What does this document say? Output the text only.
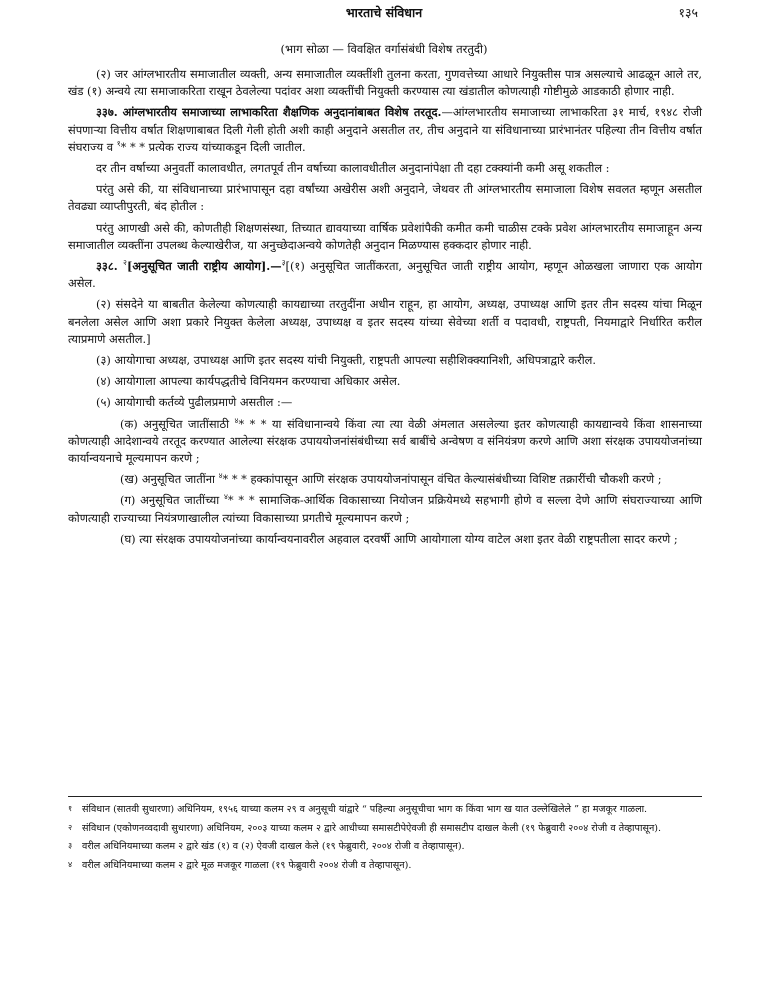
भारताचे संविधान	१३५
(भाग सोळा — विवक्षित वर्गासंबंधी विशेष तरतुदी)

(२) जर आंग्लभारतीय समाजातील व्यक्ती, अन्य समाजातील व्यक्तींशी तुलना करता, गुणवत्तेच्या आधारे नियुक्तीस पात्र असल्याचे आढळून आले तर, खंड (१) अन्वये त्या समाजाकरिता राखून ठेवलेल्या पदांवर अशा व्यक्तींची नियुक्ती करण्यास त्या खंडातील कोणत्याही गोष्टीमुळे आडकाठी होणार नाही.

३३७. आंग्लभारतीय समाजाच्या लाभाकरिता शैक्षणिक अनुदानांबाबत विशेष तरतूद.—आंग्लभारतीय समाजाच्या लाभाकरिता ३१ मार्च, १९४८ रोजी संपणाऱ्या वित्तीय वर्षात शिक्षणाबाबत दिली गेली होती अशी काही अनुदाने असतील तर, तीच अनुदाने या संविधानाच्या प्रारंभानंतर पहिल्या तीन वित्तीय वर्षात संघराज्य व $^१$* * * प्रत्येक राज्य यांच्याकडून दिली जातील.

दर तीन वर्षाच्या अनुवर्ती कालावधीत, लगतपूर्व तीन वर्षाच्या कालावधीतील अनुदानांपेक्षा ती दहा टक्क्यांनी कमी असू शकतील :

परंतु असे की, या संविधानाच्या प्रारंभापासून दहा वर्षांच्या अखेरीस अशी अनुदाने, जेथवर ती आंग्लभारतीय समाजाला विशेष सवलत म्हणून असतील तेवढ्या व्याप्तीपुरती, बंद होतील :

परंतु आणखी असे की, कोणतीही शिक्षणसंस्था, तिच्यात द्यावयाच्या वार्षिक प्रवेशांपैकी कमीत कमी चाळीस टक्के प्रवेश आंग्लभारतीय समाजाहून अन्य समाजातील व्यक्तींना उपलब्ध केल्याखेरीज, या अनुच्छेदाअन्वये कोणतेही अनुदान मिळण्यास हक्कदार होणार नाही.

३३८. $^२$[अनुसूचित जाती राष्ट्रीय आयोग].—$^३$[(१) अनुसूचित जातींकरता, अनुसूचित जाती राष्ट्रीय आयोग, म्हणून ओळखला जाणारा एक आयोग असेल.

(२) संसदेने या बाबतीत केलेल्या कोणत्याही कायद्याच्या तरतुदींना अधीन राहून, हा आयोग, अध्यक्ष, उपाध्यक्ष आणि इतर तीन सदस्य यांचा मिळून बनलेला असेल आणि अशा प्रकारे नियुक्त केलेला अध्यक्ष, उपाध्यक्ष व इतर सदस्य यांच्या सेवेच्या शर्ती व पदावधी, राष्ट्रपती, नियमाद्वारे निर्धारित करील त्याप्रमाणे असतील.]

(३) आयोगाचा अध्यक्ष, उपाध्यक्ष आणि इतर सदस्य यांची नियुक्ती, राष्ट्रपती आपल्या सहीशिक्क्यानिशी, अधिपत्राद्वारे करील.

(४) आयोगाला आपल्या कार्यपद्धतीचे विनियमन करण्याचा अधिकार असेल.

(५) आयोगाची कर्तव्ये पुढीलप्रमाणे असतील :—

(क) अनुसूचित जातींसाठी $^४$* * * या संविधानान्वये किंवा त्या त्या वेळी अंमलात असलेल्या इतर कोणत्याही कायद्यान्वये किंवा शासनाच्या कोणत्याही आदेशान्वये तरतूद करण्यात आलेल्या संरक्षक उपाययोजनांसंबंधीच्या सर्व बाबींचे अन्वेषण व संनियंत्रण करणे आणि अशा संरक्षक उपाययोजनांच्या कार्यान्वयनाचे मूल्यमापन करणे ;

(ख) अनुसूचित जातींना $^४$* * * हक्कांपासून आणि संरक्षक उपाययोजनांपासून वंचित केल्यासंबंधीच्या विशिष्ट तक्रारींची चौकशी करणे ;

(ग) अनुसूचित जातींच्या $^४$* * * सामाजिक-आर्थिक विकासाच्या नियोजन प्रक्रियेमध्ये सहभागी होणे व सल्ला देणे आणि संघराज्याच्या आणि कोणत्याही राज्याच्या नियंत्रणाखालील त्यांच्या विकासाच्या प्रगतीचे मूल्यमापन करणे ;

(घ) त्या संरक्षक उपाययोजनांच्या कार्यान्वयनावरील अहवाल दरवर्षी आणि आयोगाला योग्य वाटेल अशा इतर वेळी राष्ट्रपतीला सादर करणे ;

१	संविधान (सातवी सुधारणा) अधिनियम, १९५६ याच्या कलम २९ व अनुसूची यांद्वारे “ पहिल्या अनुसूचीचा भाग क किंवा भाग ख यात उल्लेखिलेले ” हा मजकूर गाळला.
२	संविधान (एकोणनव्वदावी सुधारणा) अधिनियम, २००३ याच्या कलम २ द्वारे आधीच्या समासटीपेऐवजी ही समासटीप दाखल केली (१९ फेब्रुवारी २००४ रोजी व तेव्हापासून).
३	वरील अधिनियमाच्या कलम २ द्वारे खंड (१) व (२) ऐवजी दाखल केले (१९ फेब्रुवारी, २००४ रोजी व तेव्हापासून).
४	वरील अधिनियमाच्या कलम २ द्वारे मूळ मजकूर गाळला (१९ फेब्रुवारी २००४ रोजी व तेव्हापासून).
